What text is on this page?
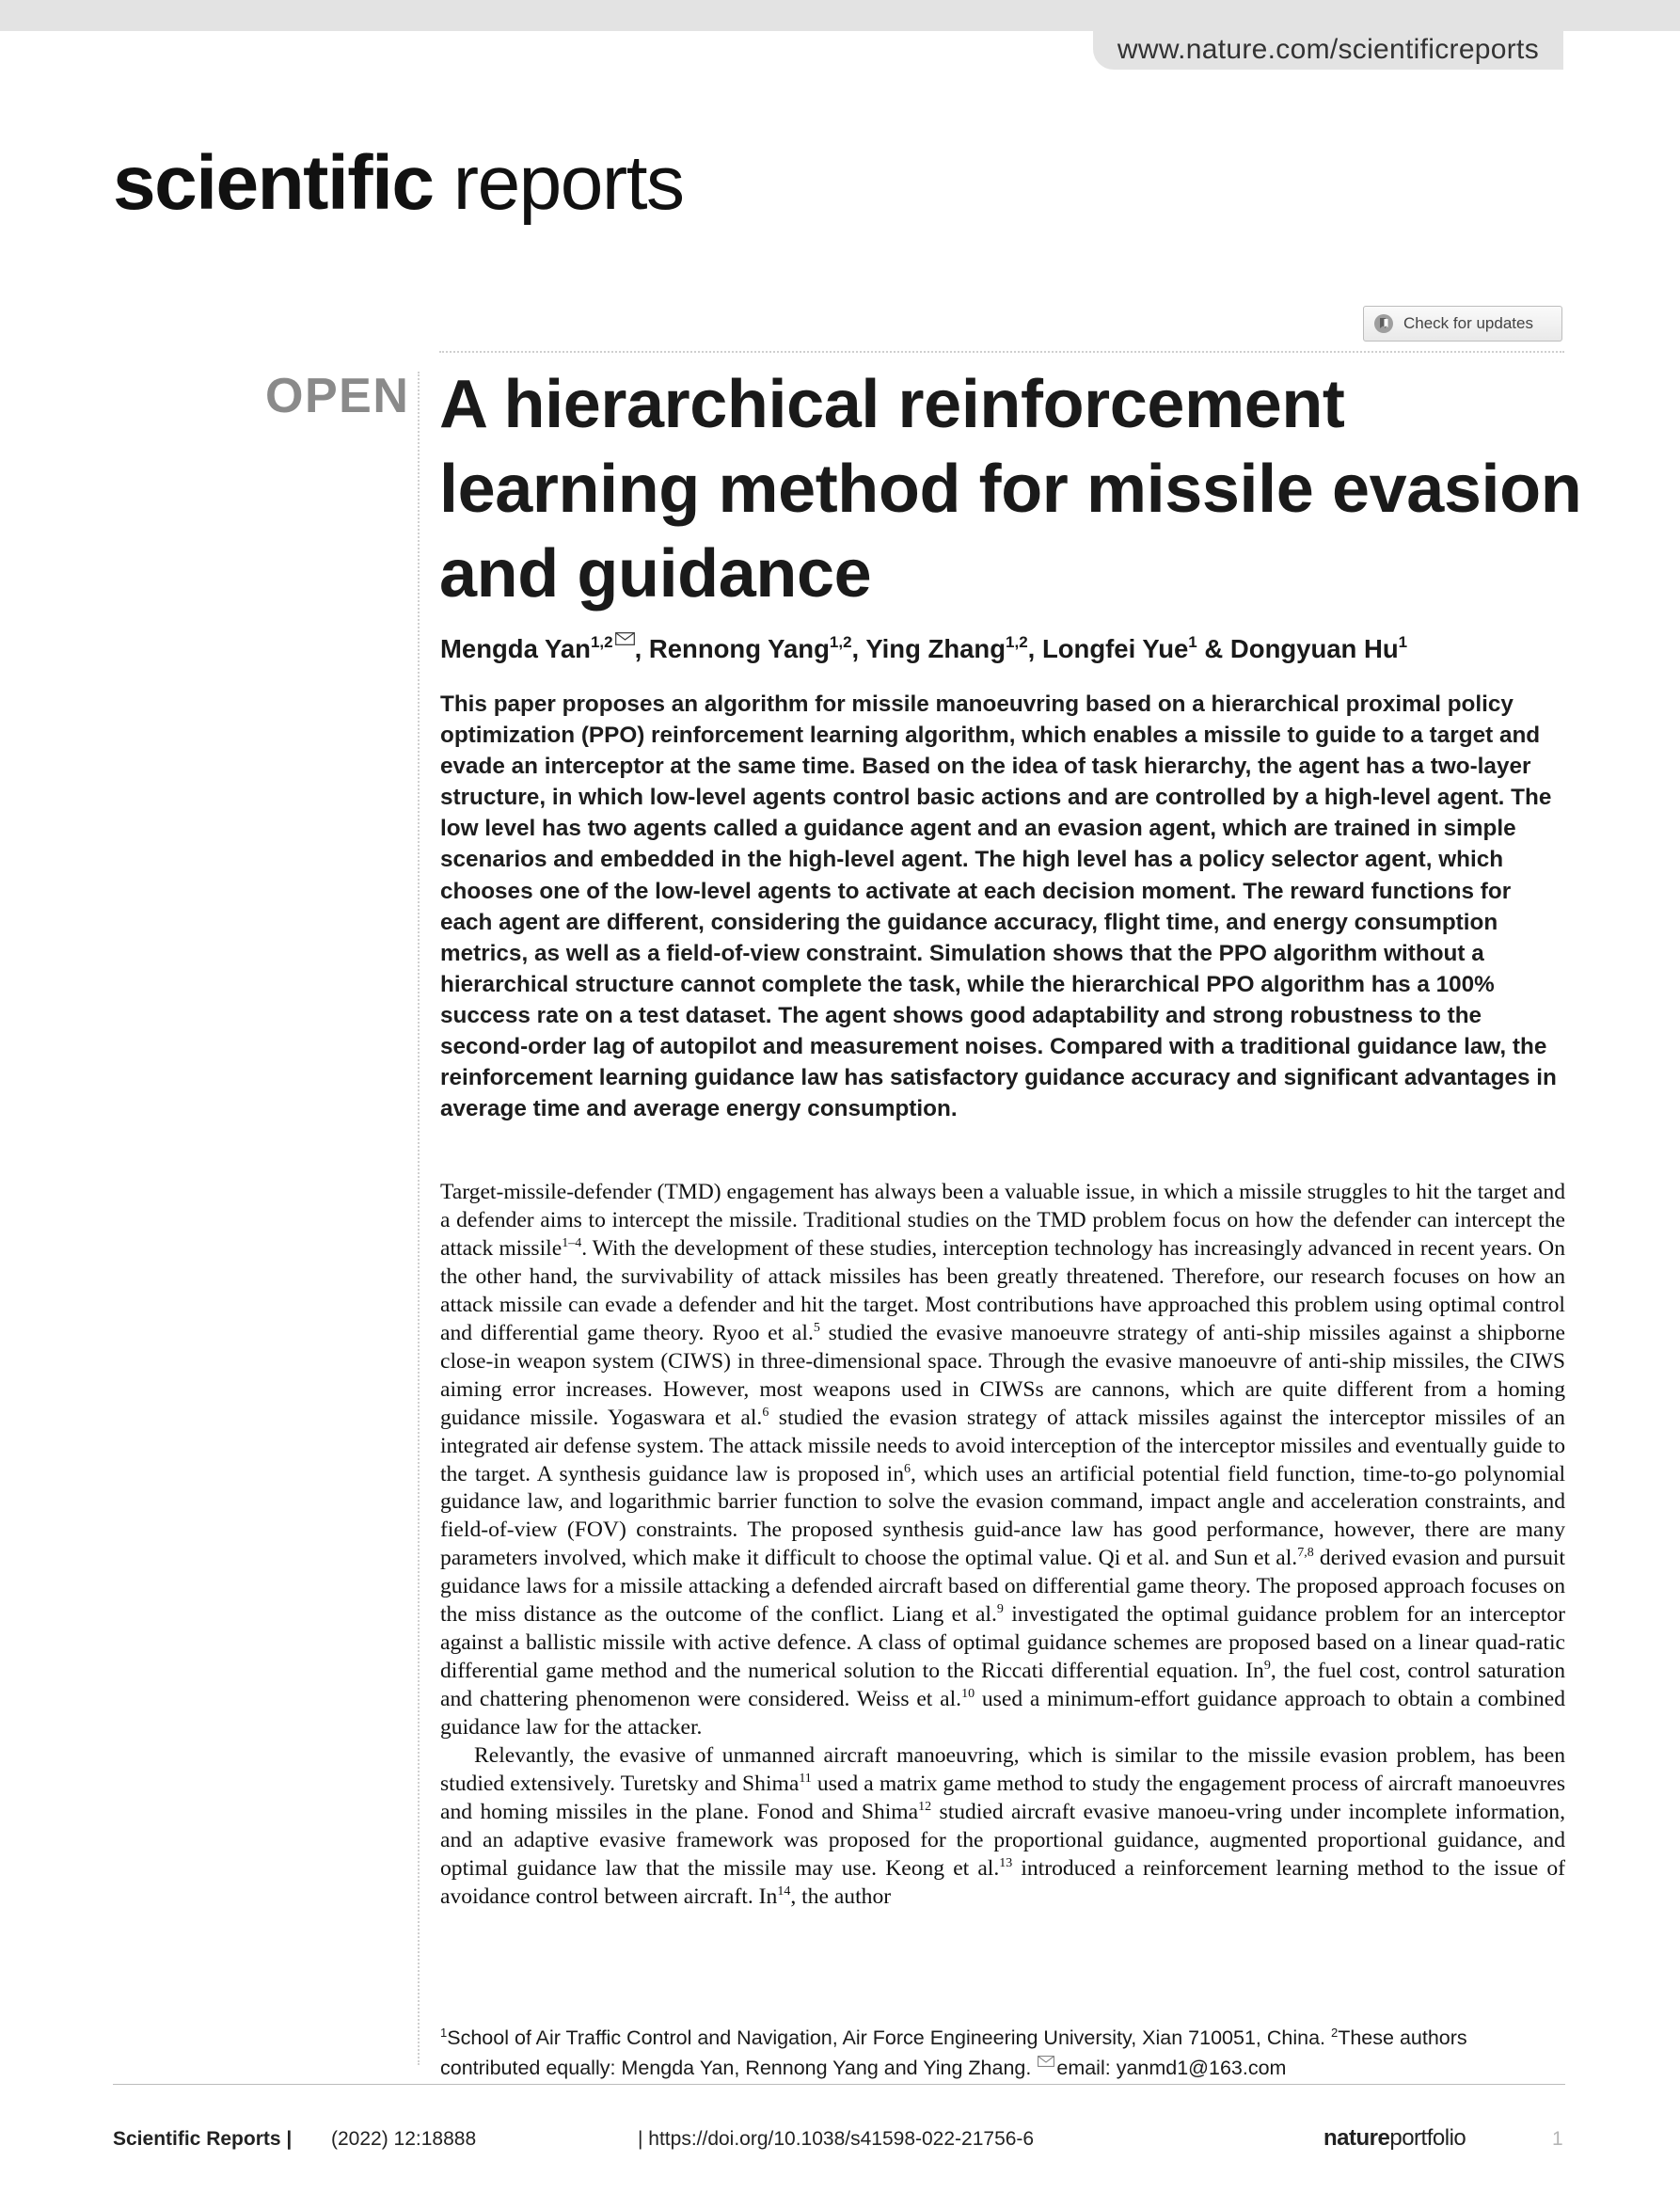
www.nature.com/scientificreports
scientific reports
Check for updates
OPEN A hierarchical reinforcement learning method for missile evasion and guidance
Mengda Yan$^{1,2}$ , Rennong Yang$^{1,2}$, Ying Zhang$^{1,2}$, Longfei Yue$^1$ & Dongyuan Hu$^1$

This paper proposes an algorithm for missile manoeuvring based on a hierarchical proximal policy optimization (PPO) reinforcement learning algorithm, which enables a missile to guide to a target and evade an interceptor at the same time. Based on the idea of task hierarchy, the agent has a two-layer structure, in which low-level agents control basic actions and are controlled by a high-level agent. The low level has two agents called a guidance agent and an evasion agent, which are trained in simple scenarios and embedded in the high-level agent. The high level has a policy selector agent, which chooses one of the low-level agents to activate at each decision moment. The reward functions for each agent are different, considering the guidance accuracy, flight time, and energy consumption metrics, as well as a field-of-view constraint. Simulation shows that the PPO algorithm without a hierarchical structure cannot complete the task, while the hierarchical PPO algorithm has a 100% success rate on a test dataset. The agent shows good adaptability and strong robustness to the second-order lag of autopilot and measurement noises. Compared with a traditional guidance law, the reinforcement learning guidance law has satisfactory guidance accuracy and significant advantages in average time and average energy consumption.

Target-missile-defender (TMD) engagement has always been a valuable issue, in which a missile struggles to hit the target and a defender aims to intercept the missile. Traditional studies on the TMD problem focus on how the defender can intercept the attack missile$^{1-4}$. With the development of these studies, interception technology has increasingly advanced in recent years. On the other hand, the survivability of attack missiles has been greatly threatened. Therefore, our research focuses on how an attack missile can evade a defender and hit the target. Most contributions have approached this problem using optimal control and differential game theory. Ryoo et al.$^5$ studied the evasive manoeuvre strategy of anti-ship missiles against a shipborne close-in weapon system (CIWS) in three-dimensional space. Through the evasive manoeuvre of anti-ship missiles, the CIWS aiming error increases. However, most weapons used in CIWSs are cannons, which are quite different from a homing guidance missile. Yogaswara et al.$^6$ studied the evasion strategy of attack missiles against the interceptor missiles of an integrated air defense system. The attack missile needs to avoid interception of the interceptor missiles and eventually guide to the target. A synthesis guidance law is proposed $in^6$, which uses an artificial potential field function, time-to-go polynomial guidance law, and logarithmic barrier function to solve the evasion command, impact angle and acceleration constraints, and field-of-view (FOV) constraints. The proposed synthesis guid-ance law has good performance, however, there are many parameters involved, which make it difficult to choose the optimal value. Qi et al. and Sun et al.$^{7,8}$ derived evasion and pursuit guidance laws for a missile attacking a defended aircraft based on differential game theory. The proposed approach focuses on the miss distance as the outcome of the conflict. Liang et al.$^9$ investigated the optimal guidance problem for an interceptor against a ballistic missile with active defence. A class of optimal guidance schemes are proposed based on a linear quad-ratic differential game method and the numerical solution to the Riccati differential equation. In$^9$, the fuel cost, control saturation and chattering phenomenon were considered. Weiss et al.$^{10}$ used a minimum-effort guidance approach to obtain a combined guidance law for the attacker.

Relevantly, the evasive of unmanned aircraft manoeuvring, which is similar to the missile evasion problem, has been studied extensively. Turetsky and Shima$^{11}$ used a matrix game method to study the engagement process of aircraft manoeuvres and homing missiles in the plane. Fonod and Shima$^{12}$ studied aircraft evasive manoeu-vring under incomplete information, and an adaptive evasive framework was proposed for the proportional guidance, augmented proportional guidance, and optimal guidance law that the missile may use. Keong et al.$^{13}$ introduced a reinforcement learning method to the issue of avoidance control between aircraft. In$^{14}$, the author

$^1$School of Air Traffic Control and Navigation, Air Force Engineering University, Xian 710051, China. $^2$These authors contributed equally: Mengda Yan, Rennong Yang and Ying Zhang. email: yanmd1@163.com
Scientific Reports | (2022) 12:18888	| https://doi.org/10.1038/s41598-022-21756-6	natureportfolio	1
